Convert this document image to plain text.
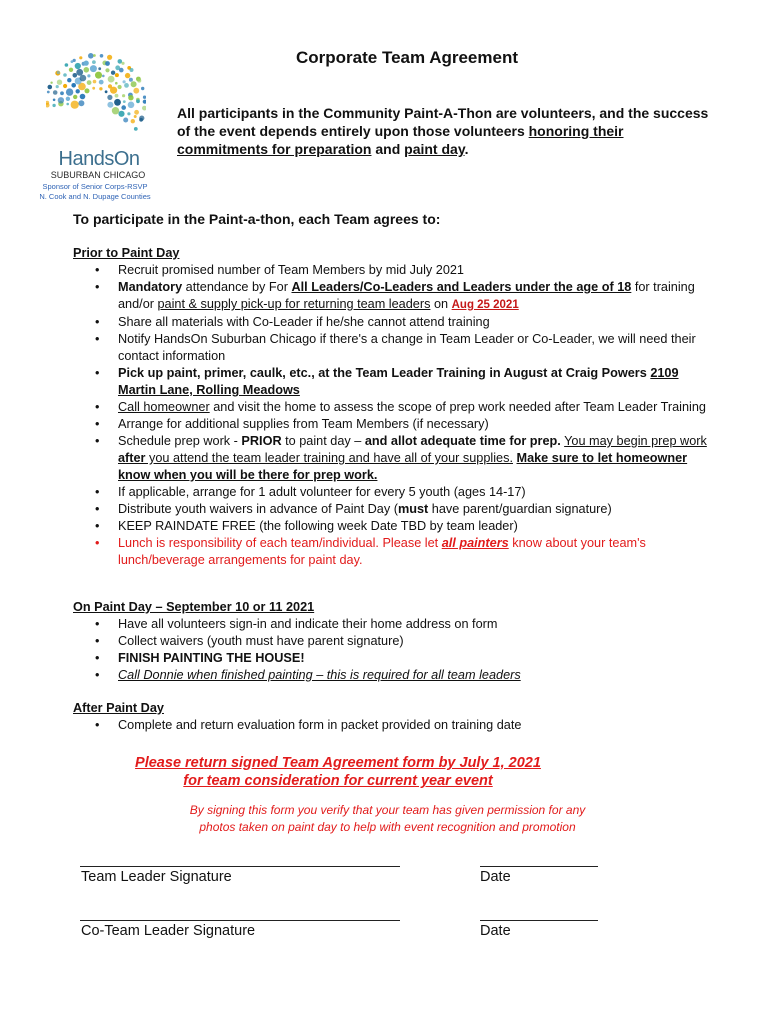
HandsOn
SUBURBAN CHICAGO
Sponsor of Senior Corps-RSVP
N. Cook and N. Dupage Counties
Corporate Team Agreement
All participants in the Community Paint-A-Thon are volunteers, and the success of the event depends entirely upon those volunteers honoring their commitments for preparation and paint day.
To participate in the Paint-a-thon, each Team agrees to:
Prior to Paint Day
• Recruit promised number of Team Members by mid July 2021
• Mandatory attendance by For All Leaders/Co-Leaders and Leaders under the age of 18 for training and/or paint & supply pick-up for returning team leaders on Aug 25 2021
• Share all materials with Co-Leader if he/she cannot attend training
• Notify HandsOn Suburban Chicago if there's a change in Team Leader or Co-Leader, we will need their contact information
• Pick up paint, primer, caulk, etc., at the Team Leader Training in August at Craig Powers 2109 Martin Lane, Rolling Meadows
• Call homeowner and visit the home to assess the scope of prep work needed after Team Leader Training
• Arrange for additional supplies from Team Members (if necessary)
• Schedule prep work - PRIOR to paint day – and allot adequate time for prep. You may begin prep work after you attend the team leader training and have all of your supplies. Make sure to let homeowner know when you will be there for prep work.
• If applicable, arrange for 1 adult volunteer for every 5 youth (ages 14-17)
• Distribute youth waivers in advance of Paint Day (must have parent/guardian signature)
• KEEP RAINDATE FREE (the following week Date TBD by team leader)
• Lunch is responsibility of each team/individual. Please let all painters know about your team's lunch/beverage arrangements for paint day.
On Paint Day – September 10 or 11 2021
• Have all volunteers sign-in and indicate their home address on form
• Collect waivers (youth must have parent signature)
• FINISH PAINTING THE HOUSE!
• Call Donnie when finished painting – this is required for all team leaders
After Paint Day
• Complete and return evaluation form in packet provided on training date
Please return signed Team Agreement form by July 1, 2021
for team consideration for current year event
By signing this form you verify that your team has given permission for any
photos taken on paint day to help with event recognition and promotion
Team Leader Signature	Date
Co-Team Leader Signature	Date
